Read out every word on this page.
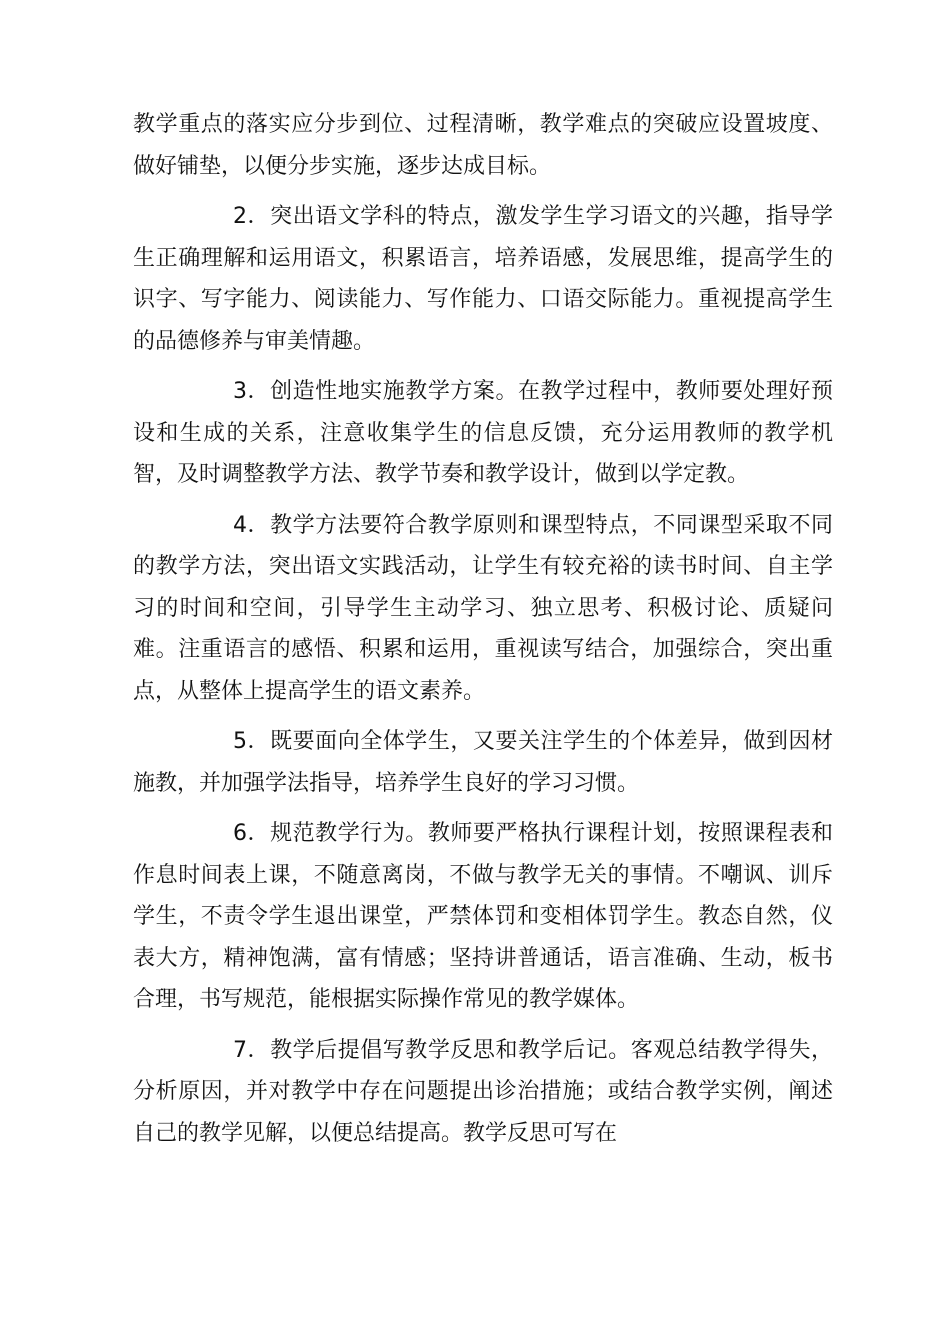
教学重点的落实应分步到位、过程清晰，教学难点的突破应设置坡度、做好铺垫，以便分步实施，逐步达成目标。

2．突出语文学科的特点，激发学生学习语文的兴趣，指导学生正确理解和运用语文，积累语言，培养语感，发展思维，提高学生的识字、写字能力、阅读能力、写作能力、口语交际能力。重视提高学生的品德修养与审美情趣。

3．创造性地实施教学方案。在教学过程中，教师要处理好预设和生成的关系，注意收集学生的信息反馈，充分运用教师的教学机智，及时调整教学方法、教学节奏和教学设计，做到以学定教。

4．教学方法要符合教学原则和课型特点，不同课型采取不同的教学方法，突出语文实践活动，让学生有较充裕的读书时间、自主学习的时间和空间，引导学生主动学习、独立思考、积极讨论、质疑问难。注重语言的感悟、积累和运用，重视读写结合，加强综合，突出重点，从整体上提高学生的语文素养。

5．既要面向全体学生，又要关注学生的个体差异，做到因材施教，并加强学法指导，培养学生良好的学习习惯。

6．规范教学行为。教师要严格执行课程计划，按照课程表和作息时间表上课，不随意离岗，不做与教学无关的事情。不嘲讽、训斥学生，不责令学生退出课堂，严禁体罚和变相体罚学生。教态自然，仪表大方，精神饱满，富有情感；坚持讲普通话，语言准确、生动，板书合理，书写规范，能根据实际操作常见的教学媒体。

7．教学后提倡写教学反思和教学后记。客观总结教学得失，分析原因，并对教学中存在问题提出诊治措施；或结合教学实例，阐述自己的教学见解，以便总结提高。教学反思可写在
